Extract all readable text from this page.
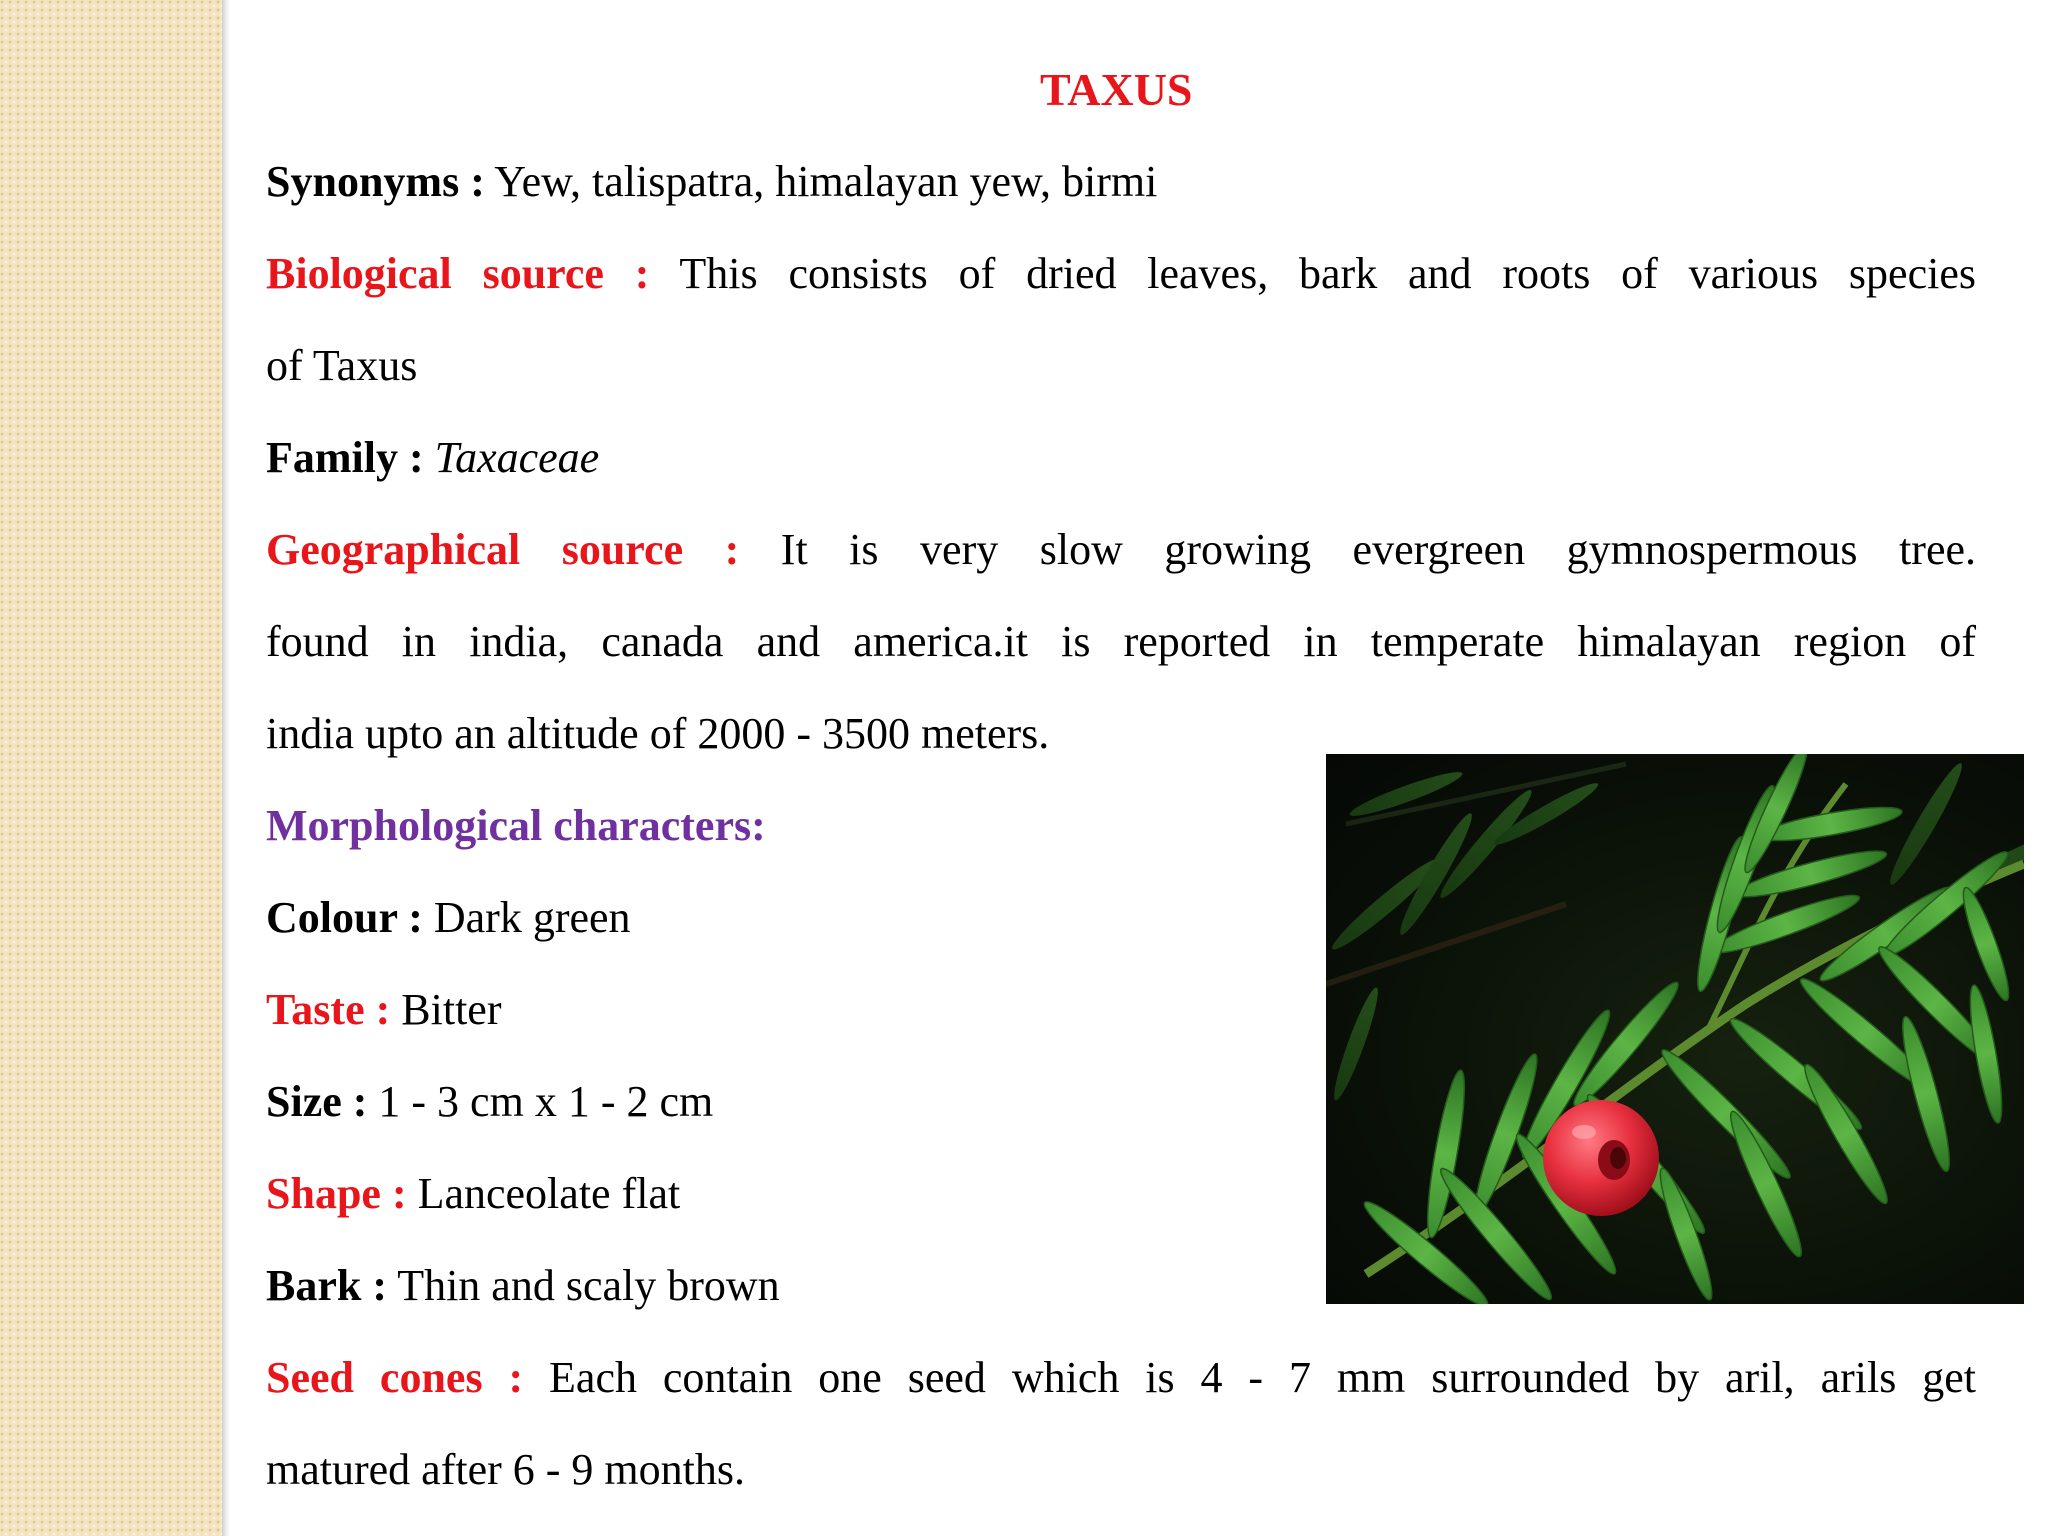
TAXUS
Synonyms : Yew, talispatra, himalayan yew, birmi
Biological source : This consists of dried leaves, bark and roots of various species
of Taxus
Family : Taxaceae
Geographical source : It is very slow growing evergreen gymnospermous tree.
found in india, canada and america.it is reported in temperate himalayan region of
india upto an altitude of 2000 - 3500 meters.
Morphological characters:
Colour : Dark green
Taste : Bitter
Size : 1 - 3 cm x 1 - 2 cm
Shape : Lanceolate flat
Bark : Thin and scaly brown
Seed cones : Each contain one seed which is 4 - 7 mm surrounded by aril, arils get
matured after 6 - 9 months.
